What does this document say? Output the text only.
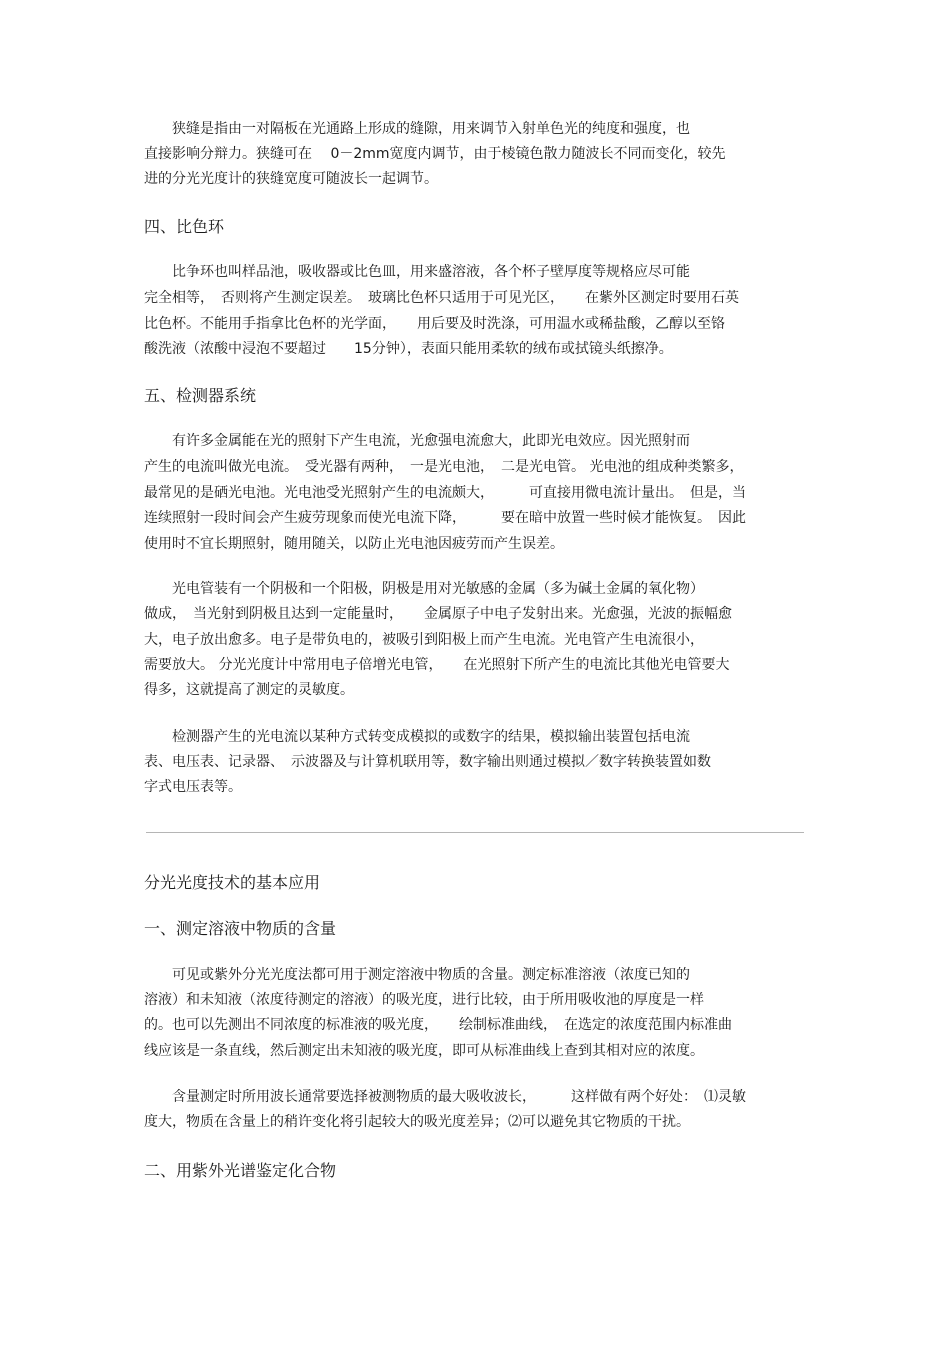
　　狭缝是指由一对隔板在光通路上形成的缝隙，用来调节入射单色光的纯度和强度，也
直接影响分辩力。狭缝可在　 0－2mm宽度内调节，由于棱镜色散力随波长不同而变化，较先
进的分光光度计的狭缝宽度可随波长一起调节。
四、比色环
　　比争环也叫样品池，吸收器或比色皿，用来盛溶液，各个杯子壁厚度等规格应尽可能
完全相等，　否则将产生测定误差。　玻璃比色杯只适用于可见光区，　　在紫外区测定时要用石英
比色杯。不能用手指拿比色杯的光学面，　　用后要及时洗涤，可用温水或稀盐酸，乙醇以至铬
酸洗液（浓酸中浸泡不要超过　　15分钟），表面只能用柔软的绒布或拭镜头纸擦净。
五、检测器系统
　　有许多金属能在光的照射下产生电流，光愈强电流愈大，此即光电效应。因光照射而
产生的电流叫做光电流。　受光器有两种，　一是光电池，　二是光电管。 光电池的组成种类繁多，
最常见的是硒光电池。光电池受光照射产生的电流颇大，　　　可直接用微电流计量出。　但是，当
连续照射一段时间会产生疲劳现象而使光电流下降，　　　要在暗中放置一些时候才能恢复。　因此
使用时不宜长期照射，随用随关，以防止光电池因疲劳而产生误差。
　　光电管装有一个阴极和一个阳极，阴极是用对光敏感的金属（多为碱土金属的氧化物）
做成，　当光射到阴极且达到一定能量时，　　金属原子中电子发射出来。光愈强，光波的振幅愈
大，电子放出愈多。电子是带负电的，被吸引到阳极上而产生电流。光电管产生电流很小，
需要放大。 分光光度计中常用电子倍增光电管，　　在光照射下所产生的电流比其他光电管要大
得多，这就提高了测定的灵敏度。
　　检测器产生的光电流以某种方式转变成模拟的或数字的结果，模拟输出装置包括电流
表、电压表、记录器、　示波器及与计算机联用等，数字输出则通过模拟／数字转换装置如数
字式电压表等。
分光光度技术的基本应用
一、测定溶液中物质的含量
　　可见或紫外分光光度法都可用于测定溶液中物质的含量。测定标准溶液（浓度已知的
溶液）和未知液（浓度待测定的溶液）的吸光度，进行比较，由于所用吸收池的厚度是一样
的。也可以先测出不同浓度的标准液的吸光度，　　绘制标准曲线，　在选定的浓度范围内标准曲
线应该是一条直线，然后测定出未知液的吸光度，即可从标准曲线上查到其相对应的浓度。
　　含量测定时所用波长通常要选择被测物质的最大吸收波长，　　　这样做有两个好处：　⑴灵敏
度大，物质在含量上的稍许变化将引起较大的吸光度差异；⑵可以避免其它物质的干扰。
二、用紫外光谱鉴定化合物
